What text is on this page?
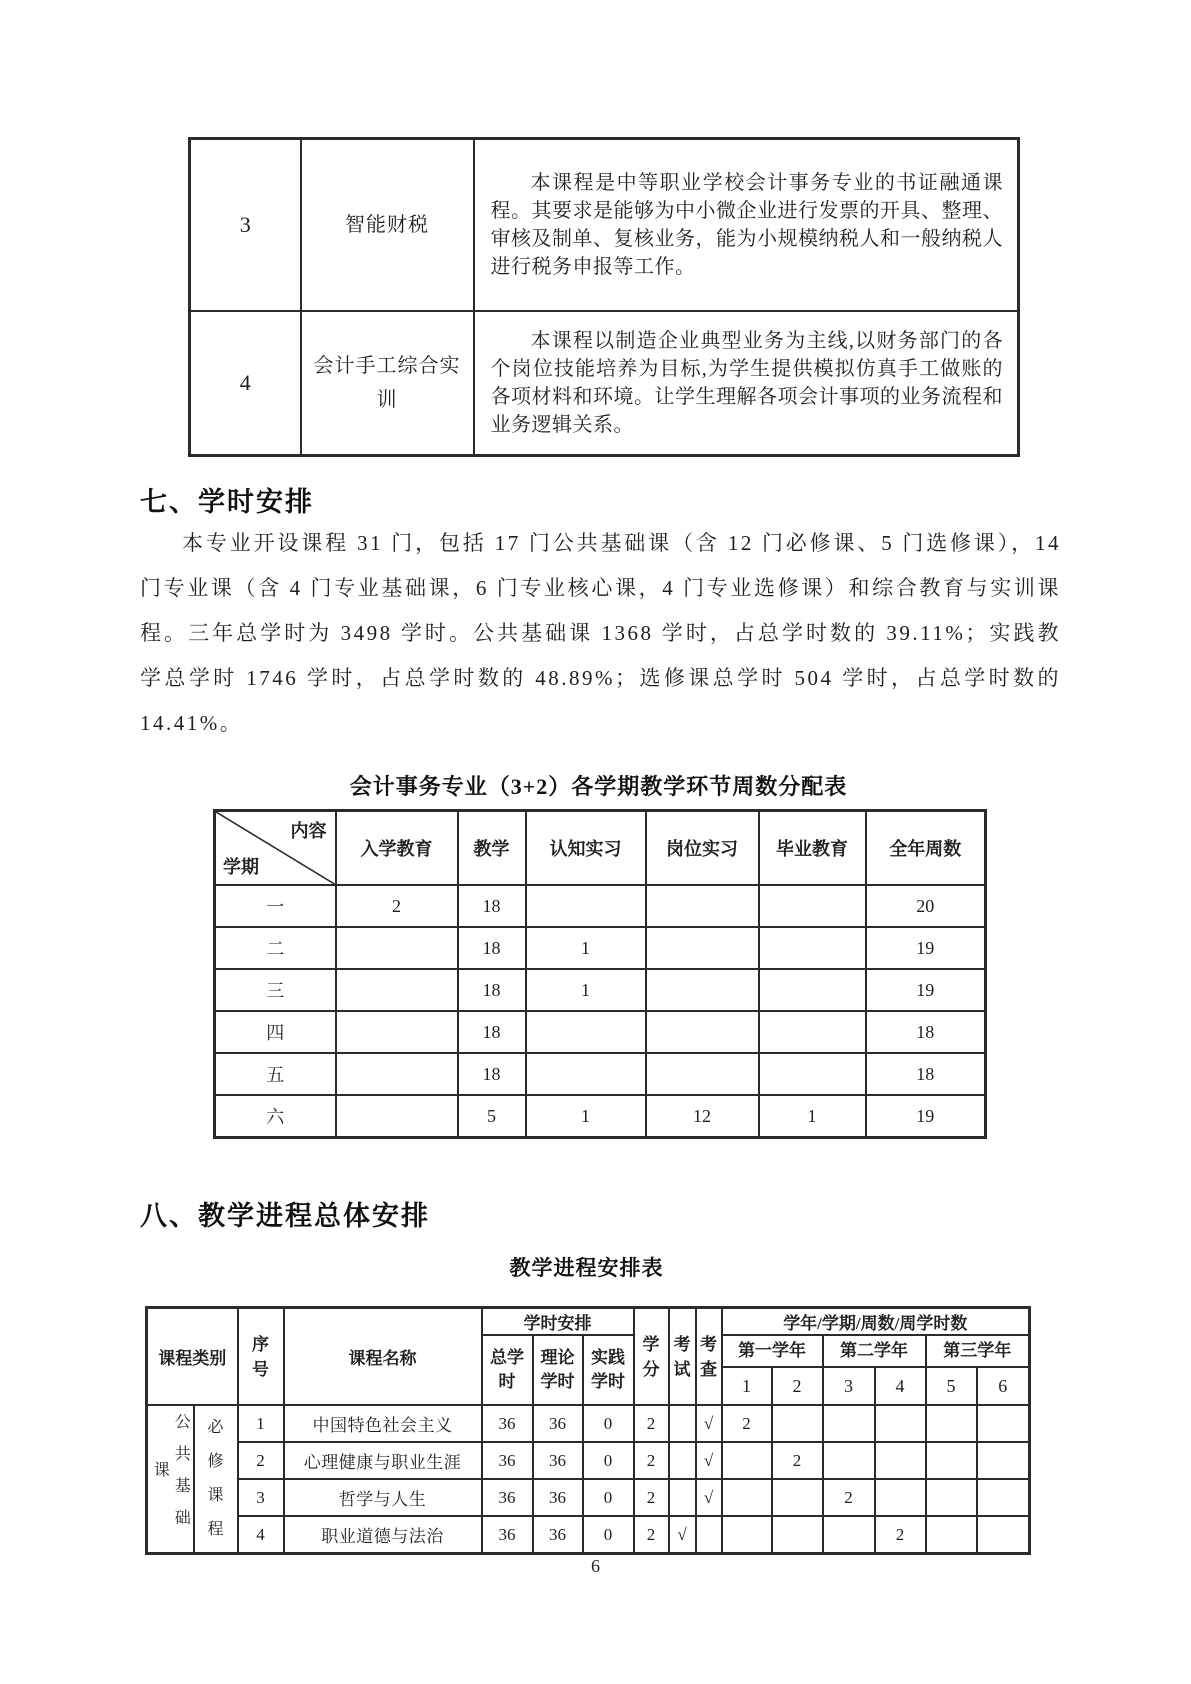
3	智能财税	本课程是中等职业学校会计事务专业的书证融通课程。其要求是能够为中小微企业进行发票的开具、整理、审核及制单、复核业务，能为小规模纳税人和一般纳税人进行税务申报等工作。
4	会计手工综合实训	本课程以制造企业典型业务为主线,以财务部门的各个岗位技能培养为目标,为学生提供模拟仿真手工做账的各项材料和环境。让学生理解各项会计事项的业务流程和业务逻辑关系。
七、学时安排

本专业开设课程 31 门，包括 17 门公共基础课（含 12 门必修课、5 门选修课），14 门专业课（含 4 门专业基础课，6 门专业核心课，4 门专业选修课）和综合教育与实训课程。三年总学时为 3498 学时。公共基础课 1368 学时，占总学时数的 39.11%；实践教学总学时 1746 学时，占总学时数的 48.89%；选修课总学时 504 学时，占总学时数的 14.41%。

会计事务专业（3+2）各学期教学环节周数分配表
内容
学期	入学教育	教学	认知实习	岗位实习	毕业教育	全年周数
一	2	18				20
二		18	1			19
三		18	1			19
四		18				18
五		18				18
六		5	1	12	1	19
八、教学进程总体安排
教学进程安排表
课程类别		序号	课程名称	学时安排			学分	考试	考查	学年/学期/周数/周学时数					
				总学时	理论学时	实践学时				第一学年		第二学年		第三学年	
										1	2	3	4	5	6
公共基础课	必修课程	1	中国特色社会主义	36	36	0	2		√	2					
		2	心理健康与职业生涯	36	36	0	2		√		2				
		3	哲学与人生	36	36	0	2		√			2			
		4	职业道德与法治	36	36	0	2	√					2		
6
